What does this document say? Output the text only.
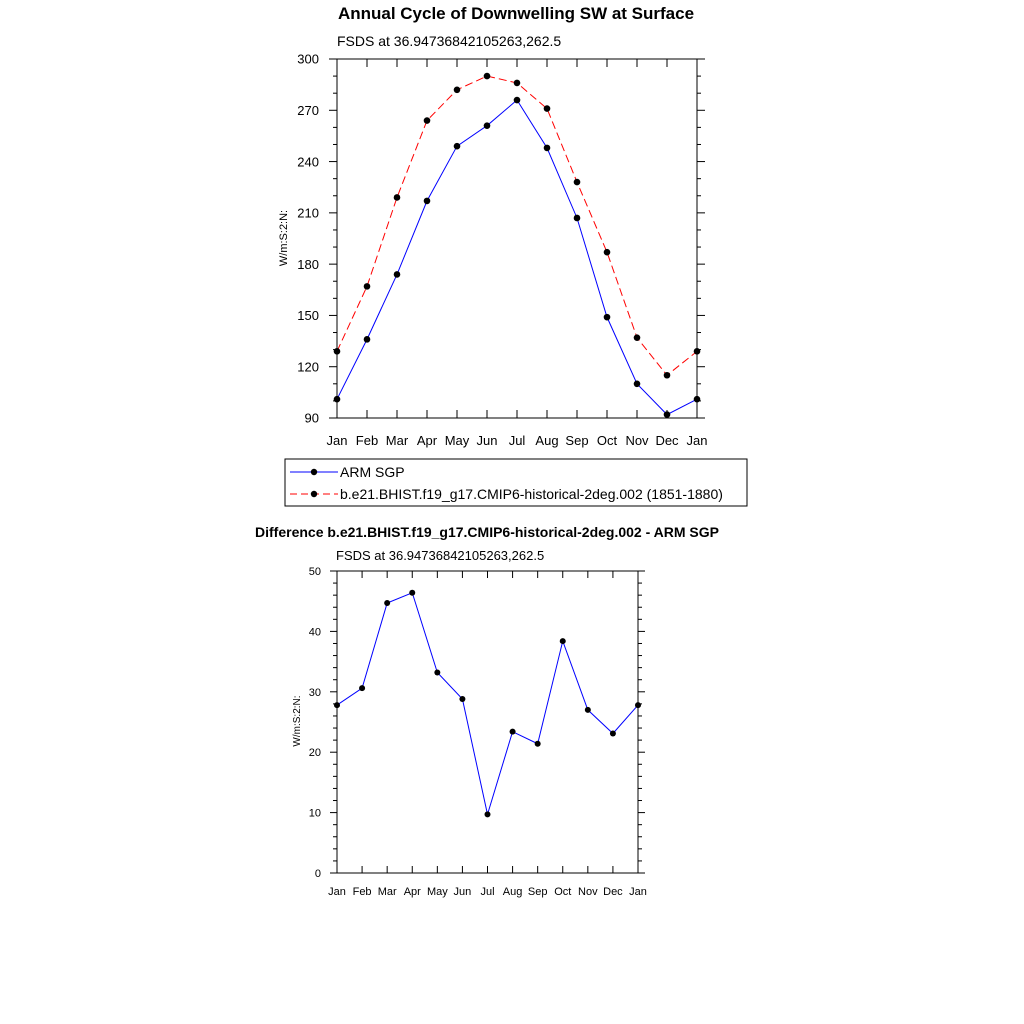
Annual Cycle of Downwelling SW at Surface
FSDS at 36.94736842105263,262.5
W/m:S:2:N:
Jan Feb Mar Apr May Jun Jul Aug Sep Oct Nov Dec Jan
90
120
150
180
210
240
270
300
ARM SGP
b.e21.BHIST.f19_g17.CMIP6-historical-2deg.002 (1851-1880)
Difference b.e21.BHIST.f19_g17.CMIP6-historical-2deg.002 - ARM SGP
FSDS at 36.94736842105263,262.5
W/m:S:2:N:
Jan Feb Mar Apr May Jun Jul Aug Sep Oct Nov Dec Jan
0
10
20
30
40
50
